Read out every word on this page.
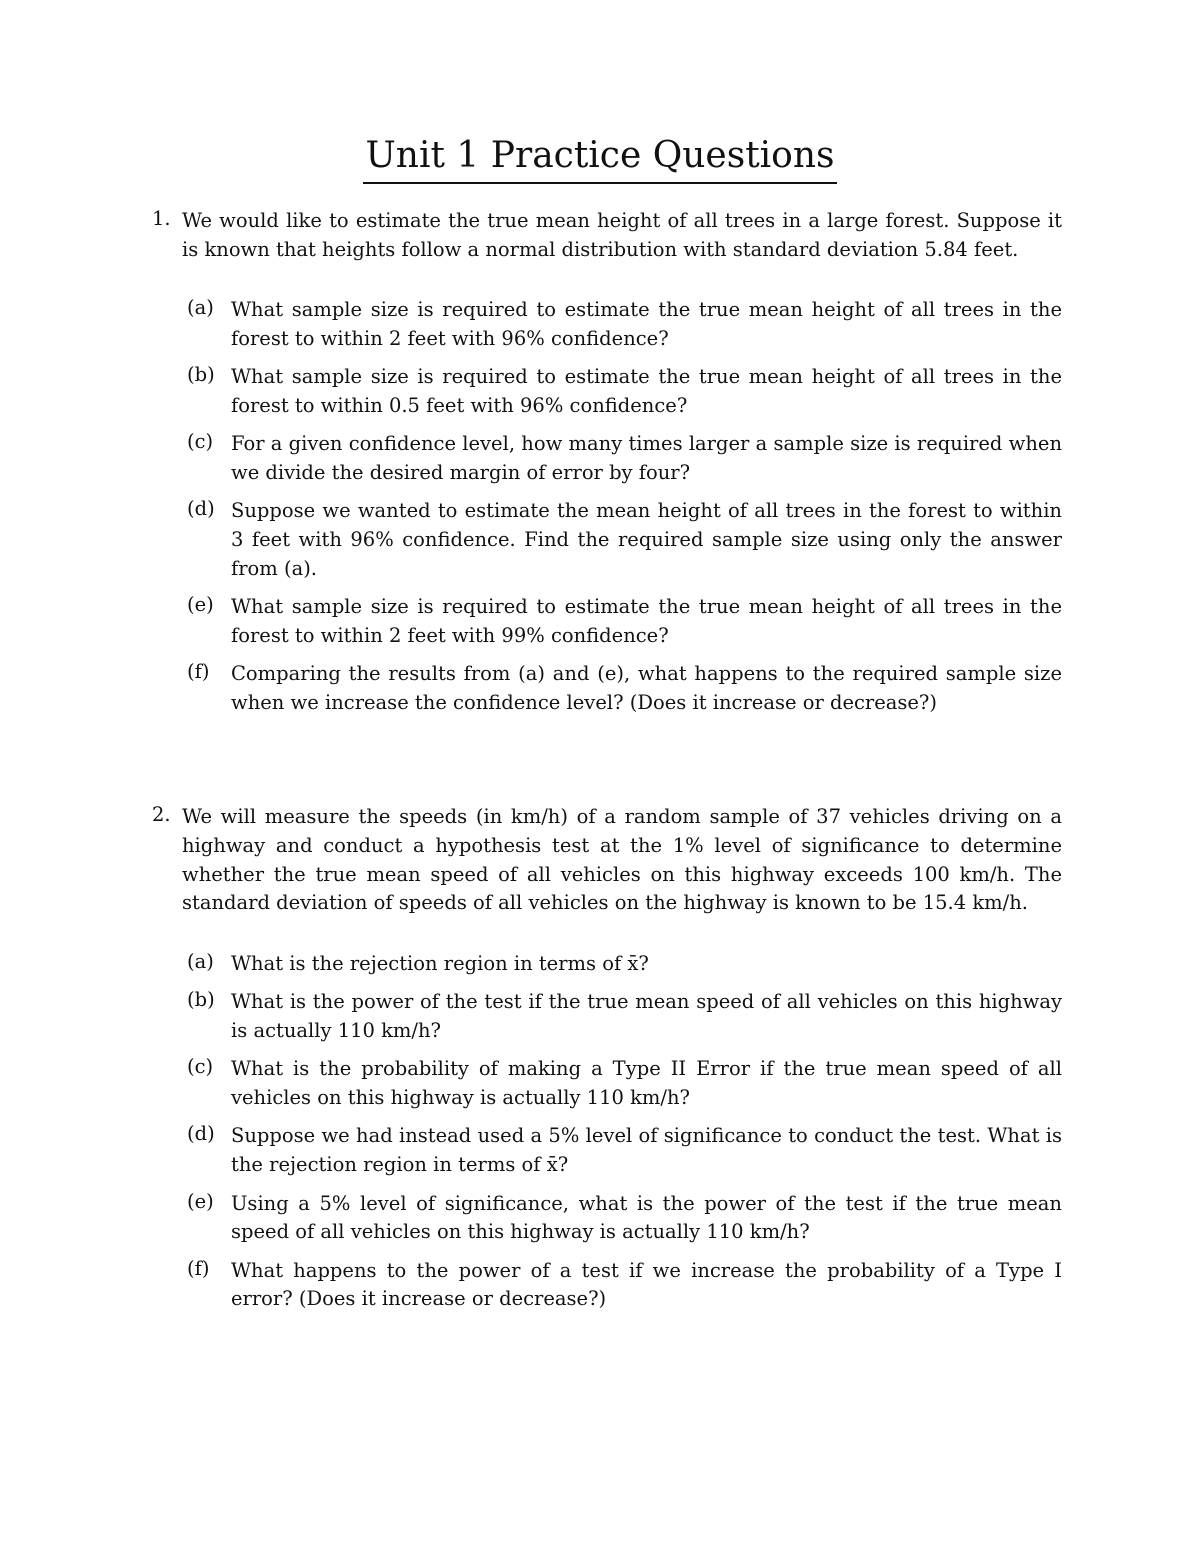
Unit 1 Practice Questions
1. We would like to estimate the true mean height of all trees in a large forest. Suppose it is known that heights follow a normal distribution with standard deviation 5.84 feet.
(a) What sample size is required to estimate the true mean height of all trees in the forest to within 2 feet with 96% confidence?
(b) What sample size is required to estimate the true mean height of all trees in the forest to within 0.5 feet with 96% confidence?
(c) For a given confidence level, how many times larger a sample size is required when we divide the desired margin of error by four?
(d) Suppose we wanted to estimate the mean height of all trees in the forest to within 3 feet with 96% confidence. Find the required sample size using only the answer from (a).
(e) What sample size is required to estimate the true mean height of all trees in the forest to within 2 feet with 99% confidence?
(f) Comparing the results from (a) and (e), what happens to the required sample size when we increase the confidence level? (Does it increase or decrease?)
2. We will measure the speeds (in km/h) of a random sample of 37 vehicles driving on a highway and conduct a hypothesis test at the 1% level of significance to determine whether the true mean speed of all vehicles on this highway exceeds 100 km/h. The standard deviation of speeds of all vehicles on the highway is known to be 15.4 km/h.
(a) What is the rejection region in terms of x̄?
(b) What is the power of the test if the true mean speed of all vehicles on this highway is actually 110 km/h?
(c) What is the probability of making a Type II Error if the true mean speed of all vehicles on this highway is actually 110 km/h?
(d) Suppose we had instead used a 5% level of significance to conduct the test. What is the rejection region in terms of x̄?
(e) Using a 5% level of significance, what is the power of the test if the true mean speed of all vehicles on this highway is actually 110 km/h?
(f) What happens to the power of a test if we increase the probability of a Type I error? (Does it increase or decrease?)
